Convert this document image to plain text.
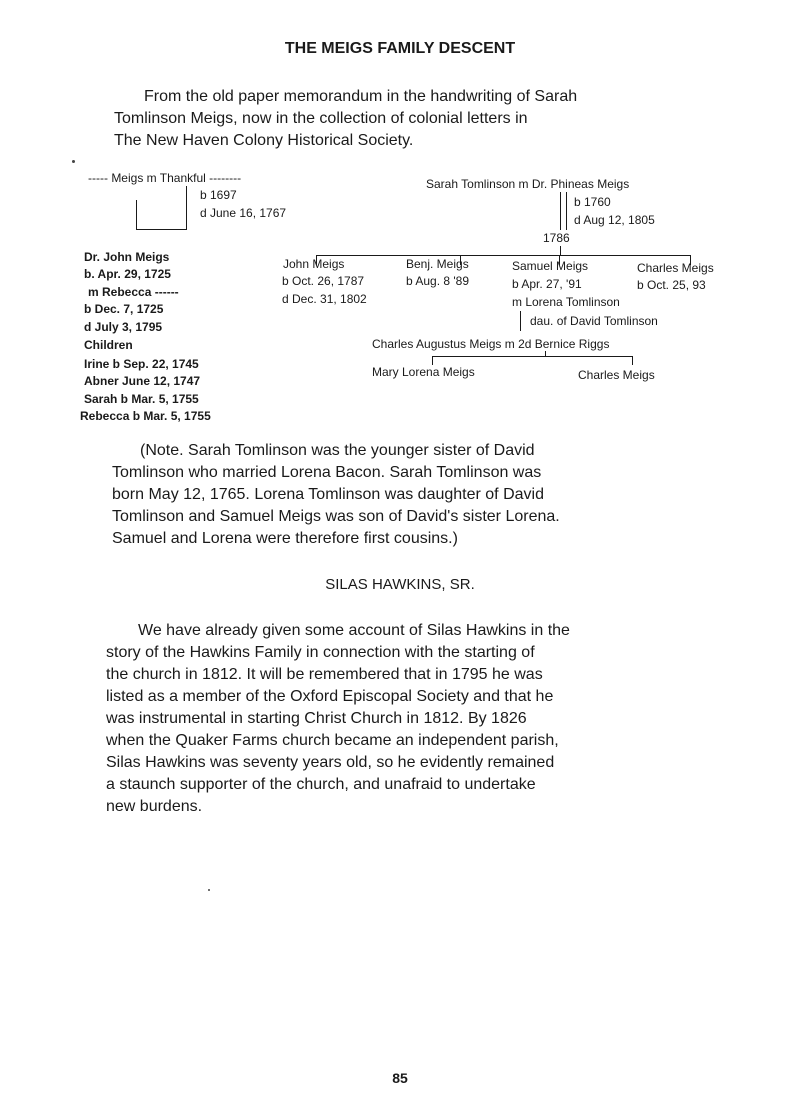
THE MEIGS FAMILY DESCENT
From the old paper memorandum in the handwriting of Sarah
Tomlinson Meigs, now in the collection of colonial letters in
The New Haven Colony Historical Society.
----- Meigs m Thankful --------
b 1697
d June 16, 1767
Dr. John Meigs
b. Apr. 29, 1725
m Rebecca ------
b Dec. 7, 1725
d July 3, 1795
Children
Irine b Sep. 22, 1745
Abner June 12, 1747
Sarah b Mar. 5, 1755
Rebecca b Mar. 5, 1755
Sarah Tomlinson m Dr. Phineas Meigs
b 1760
d Aug 12, 1805
1786
John Meigs
b Oct. 26, 1787
d Dec. 31, 1802
Benj. Meigs
b Aug. 8 '89
Samuel Meigs
b Apr. 27, '91
m Lorena Tomlinson
dau. of David Tomlinson
Charles Meigs
b Oct. 25, 93
Charles Augustus Meigs m 2d Bernice Riggs
Mary Lorena Meigs	Charles Meigs
(Note. Sarah Tomlinson was the younger sister of David
Tomlinson who married Lorena Bacon. Sarah Tomlinson was
born May 12, 1765. Lorena Tomlinson was daughter of David
Tomlinson and Samuel Meigs was son of David's sister Lorena.
Samuel and Lorena were therefore first cousins.)
SILAS HAWKINS, SR.
We have already given some account of Silas Hawkins in the
story of the Hawkins Family in connection with the starting of
the church in 1812. It will be remembered that in 1795 he was
listed as a member of the Oxford Episcopal Society and that he
was instrumental in starting Christ Church in 1812. By 1826
when the Quaker Farms church became an independent parish,
Silas Hawkins was seventy years old, so he evidently remained
a staunch supporter of the church, and unafraid to undertake
new burdens.
85
